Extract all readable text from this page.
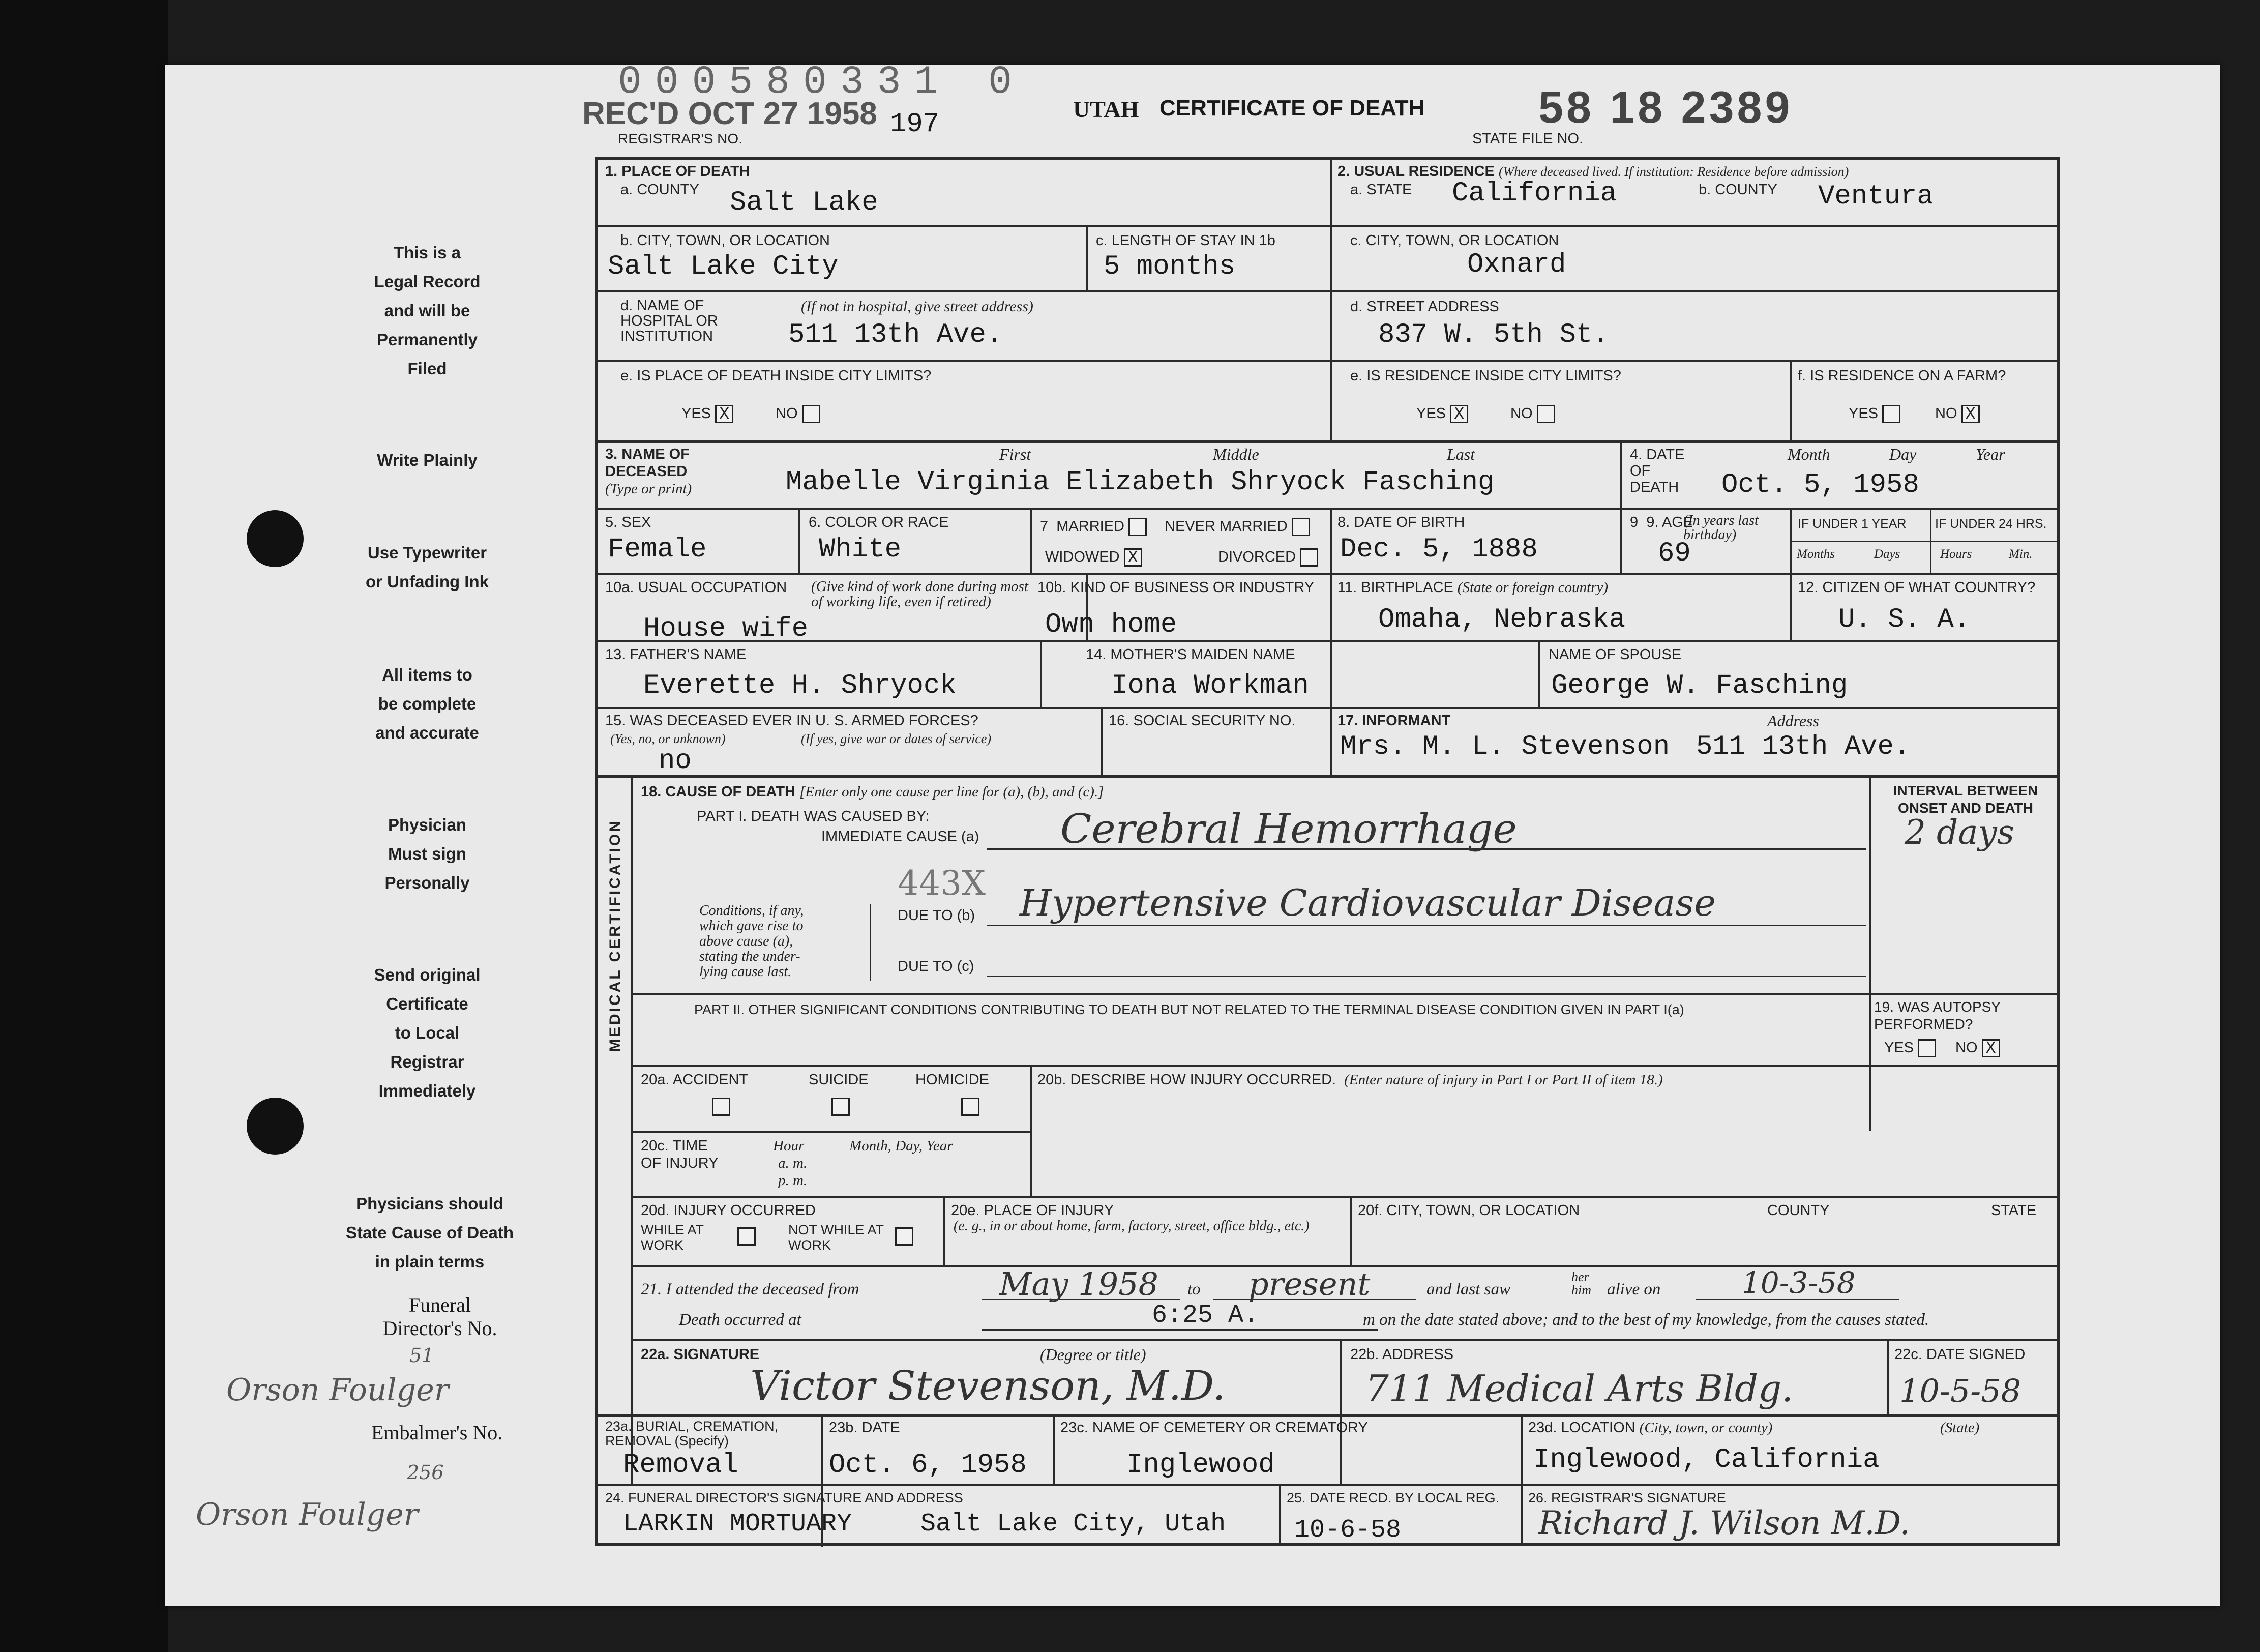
This is a
Legal Record
and will be
Permanently
Filed
Write Plainly
Use Typewriter
or Unfading Ink
All items to
be complete
and accurate
Physician
Must sign
Personally
Send original
Certificate
to Local
Registrar
Immediately
Physicians should
State Cause of Death
in plain terms
Funeral
Director's No.
51
Orson Foulger
Embalmer's No.
256
Orson Foulger
000580331 0
REC'D OCT 27 1958
REGISTRAR'S NO.	197	UTAH CERTIFICATE OF DEATH	58 18 2389
STATE FILE NO.
1. PLACE OF DEATH
a. COUNTY Salt Lake
2. USUAL RESIDENCE (Where deceased lived. If institution: Residence before admission)
a. STATE California	b. COUNTY Ventura
b. CITY, TOWN, OR LOCATION
Salt Lake City
c. LENGTH OF STAY IN 1b
5 months
c. CITY, TOWN, OR LOCATION
Oxnard
d. NAME OF HOSPITAL OR INSTITUTION
(If not in hospital, give street address)
511 13th Ave.
d. STREET ADDRESS
837 W. 5th St.
e. IS PLACE OF DEATH INSIDE CITY LIMITS?
YES X	NO
e. IS RESIDENCE INSIDE CITY LIMITS?
YES X	NO
f. IS RESIDENCE ON A FARM?
YES	NO X
3. NAME OF DECEASED
(Type or print)
First	Middle	Last
Mabelle Virginia Elizabeth Shryock Fasching
4. DATE OF DEATH
Month	Day	Year
Oct. 5, 1958
5. SEX
Female
6. COLOR OR RACE
White
7  MARRIED	NEVER MARRIED
WIDOWED X	DIVORCED
8. DATE OF BIRTH
Dec. 5, 1888
9  9. AGE
(In years last birthday)
69
IF UNDER 1 YEAR IF UNDER 24 HRS.
Months	Days	Hours	Min.
10a. USUAL OCCUPATION (Give kind of work done during most of working life, even if retired)
House wife
10b. KIND OF BUSINESS OR INDUSTRY
Own home
11. BIRTHPLACE (State or foreign country)
Omaha, Nebraska
12. CITIZEN OF WHAT COUNTRY?
U. S. A.
13. FATHER'S NAME
Everette H. Shryock
14. MOTHER'S MAIDEN NAME
Iona Workman
NAME OF SPOUSE
George W. Fasching
15. WAS DECEASED EVER IN U. S. ARMED FORCES?
(Yes, no, or unknown)	(If yes, give war or dates of service)
no
16. SOCIAL SECURITY NO.	17. INFORMANT	Address
Mrs. M. L. Stevenson 511 13th Ave.
MEDICAL CERTIFICATION
18. CAUSE OF DEATH [Enter only one cause per line for (a), (b), and (c).]
PART I. DEATH WAS CAUSED BY:
IMMEDIATE CAUSE (a) Cerebral Hemorrhage
Conditions, if any,
which gave rise to
above cause (a),
stating the under-
lying cause last.
443X
DUE TO (b) Hypertensive Cardiovascular Disease
DUE TO (c)
INTERVAL BETWEEN
ONSET AND DEATH
2 days
PART II. OTHER SIGNIFICANT CONDITIONS CONTRIBUTING TO DEATH BUT NOT RELATED TO THE TERMINAL DISEASE CONDITION GIVEN IN PART I(a)	19. WAS AUTOPSY PERFORMED?
YES	NO X
20a. ACCIDENT	SUICIDE	HOMICIDE	20b. DESCRIBE HOW INJURY OCCURRED. (Enter nature of injury in Part I or Part II of item 18.)
20c. TIME OF INJURY
Hour
a. m.
p. m.
Month, Day, Year
20d. INJURY OCCURRED
WHILE AT WORK
NOT WHILE AT WORK
20e. PLACE OF INJURY
(e. g., in or about home, farm, factory, street, office bldg., etc.)
20f. CITY, TOWN, OR LOCATION	COUNTY	STATE
21. I attended the deceased from	May 1958 to present	and last saw
her him alive on	10-3-58
Death occurred at	6:25 A.	m on the date stated above; and to the best of my knowledge, from the causes stated.
22a. SIGNATURE	(Degree or title)
Victor Stevenson, M.D.
22b. ADDRESS
711 Medical Arts Bldg.
22c. DATE SIGNED
10-5-58
23a. BURIAL, CREMATION, REMOVAL (Specify)
Removal
23b. DATE
Oct. 6, 1958
23c. NAME OF CEMETERY OR CREMATORY
Inglewood
23d. LOCATION (City, town, or county)	(State)
Inglewood, California
24. FUNERAL DIRECTOR'S SIGNATURE AND ADDRESS
LARKIN MORTUARY	Salt Lake City, Utah
25. DATE RECD. BY LOCAL REG.
10-6-58
26. REGISTRAR'S SIGNATURE
Richard J. Wilson M.D.
